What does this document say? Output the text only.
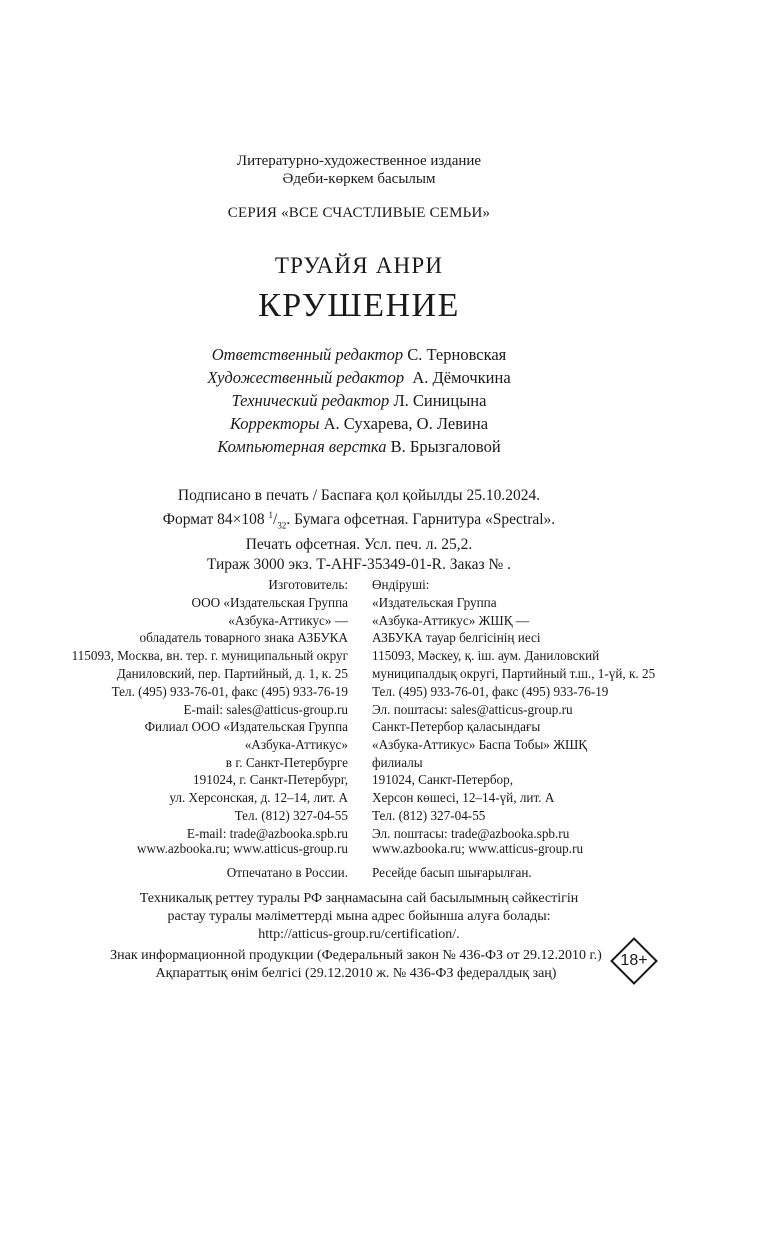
Литературно-художественное издание
Әдеби-көркем басылым
СЕРИЯ «ВСЕ СЧАСТЛИВЫЕ СЕМЬИ»
ТРУАЙЯ АНРИ
КРУШЕНИЕ
Ответственный редактор С. Терновская
Художественный редактор А. Дёмочкина
Технический редактор Л. Синицына
Корректоры А. Сухарева, О. Левина
Компьютерная верстка В. Брызгаловой
Подписано в печать / Баспаға қол қойылды 25.10.2024.
Формат 84×108 $^1/_{32}$. Бумага офсетная. Гарнитура «Spectral».
Печать офсетная. Усл. печ. л. 25,2.
Тираж 3000 экз. Т-АНF-35349-01-R. Заказ № .
Изготовитель:
ООО «Издательская Группа
«Азбука-Аттикус» —
обладатель товарного знака АЗБУКА
115093, Москва, вн. тер. г. муниципальный округ
Даниловский, пер. Партийный, д. 1, к. 25
Тел. (495) 933-76-01, факс (495) 933-76-19
E-mail: sales@atticus-group.ru
Өндіруші:
«Издательская Группа
«Азбука-Аттикус» ЖШҚ —
АЗБУКА тауар белгісінің иесі
115093, Мәскеу, қ. іш. аум. Даниловский
муниципалдық округі, Партийный т.ш., 1-үй, к. 25
Тел. (495) 933-76-01, факс (495) 933-76-19
Эл. поштасы: sales@atticus-group.ru
Филиал ООО «Издательская Группа
«Азбука-Аттикус»
в г. Санкт-Петербурге
191024, г. Санкт-Петербург,
ул. Херсонская, д. 12–14, лит. А
Тел. (812) 327-04-55
E-mail: trade@azbooka.spb.ru
Санкт-Петербор қаласындағы
«Азбука-Аттикус» Баспа Тобы» ЖШҚ
филиалы
191024, Санкт-Петербор,
Херсон көшесі, 12–14-үй, лит. А
Тел. (812) 327-04-55
Эл. поштасы: trade@azbooka.spb.ru
www.azbooka.ru; www.atticus-group.ru www.azbooka.ru; www.atticus-group.ru
Отпечатано в России. Ресейде басып шығарылған.
Техникалық реттеу туралы РФ заңнамасына сай басылымның сәйкестігін
растау туралы мәліметтерді мына адрес бойынша алуға болады:
http://atticus-group.ru/certification/.
Знак информационной продукции (Федеральный закон № 436-ФЗ от 29.12.2010 г.)
Ақпараттық өнім белгісі (29.12.2010 ж. № 436-ФЗ федералдық заң)
18+
